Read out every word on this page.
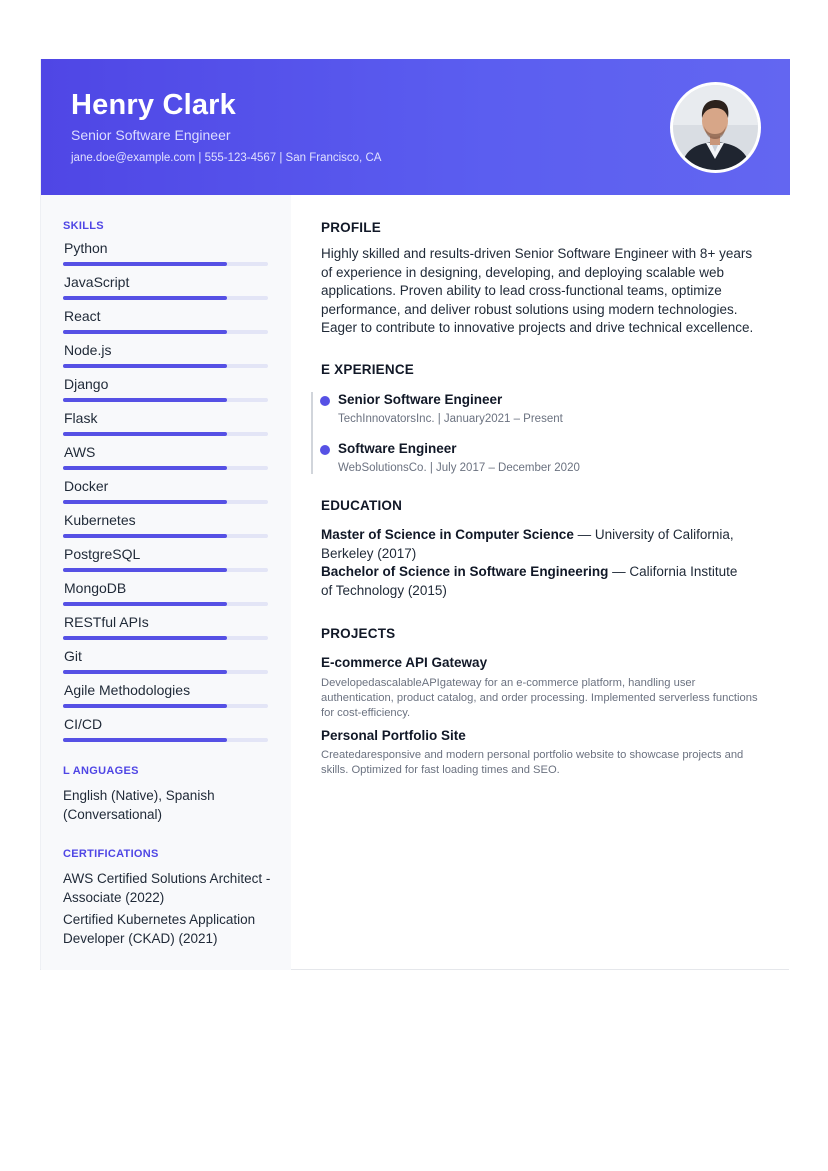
Henry Clark
Senior Software Engineer
jane.doe@example.com | 555-123-4567 | San Francisco, CA
SKILLS
Python
JavaScript
React
Node.js
Django
Flask
AWS
Docker
Kubernetes
PostgreSQL
MongoDB
RESTful APIs
Git
Agile Methodologies
CI/CD
L ANGUAGES
English (Native), Spanish (Conversational)
CERTIFICATIONS
AWS Certified Solutions Architect - Associate (2022)
Certified Kubernetes Application Developer (CKAD) (2021)
PROFILE
Highly skilled and results-driven Senior Software Engineer with 8+ years of experience in designing, developing, and deploying scalable web applications. Proven ability to lead cross-functional teams, optimize performance, and deliver robust solutions using modern technologies. Eager to contribute to innovative projects and drive technical excellence.
E XPERIENCE
Senior Software Engineer
TechInnovatorsInc. | January2021 – Present
Software Engineer
WebSolutionsCo. | July 2017 – December 2020
EDUCATION
Master of Science in Computer Science — University of California, Berkeley (2017)
Bachelor of Science in Software Engineering — California Institute of Technology (2015)
PROJECTS
E-commerce API Gateway
DevelopedascalableAPIgateway for an e-commerce platform, handling user authentication, product catalog, and order processing. Implemented serverless functions for cost-efficiency.
Personal Portfolio Site
Createdaresponsive and modern personal portfolio website to showcase projects and skills. Optimized for fast loading times and SEO.
